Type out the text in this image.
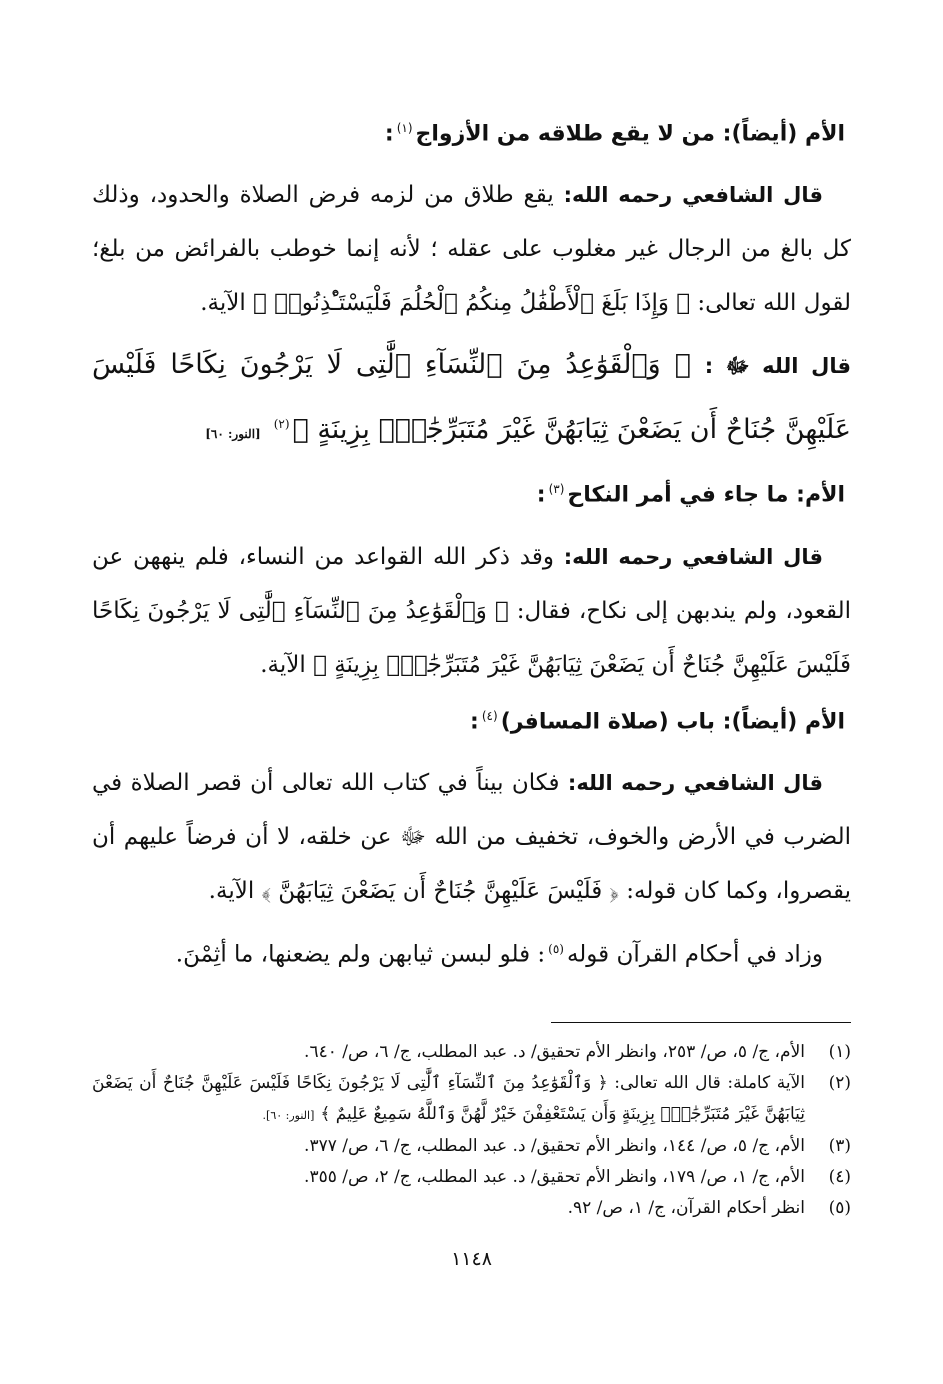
الأم (أيضاً): من لا يقع طلاقه من الأزواج$^{(١)}$:

قال الشافعي رحمه الله: يقع طلاق من لزمه فرض الصلاة والحدود، وذلك كل بالغ من الرجال غير مغلوب على عقله ؛ لأنه إنما خوطب بالفرائض من بلغ؛ لقول الله تعالى: ﴿ وَإِذَا بَلَغَ ٱلْأَطْفَٰلُ مِنكُمُ ٱلْحُلُمَ فَلْيَسْتَـْٔذِنُوا۟ ﴾ الآية.

قال الله ﷻ : ﴿ وَٱلْقَوَٰعِدُ مِنَ ٱلنِّسَآءِ ٱلَّٰتِى لَا يَرْجُونَ نِكَاحًا فَلَيْسَ عَلَيْهِنَّ جُنَاحٌ أَن يَضَعْنَ ثِيَابَهُنَّ غَيْرَ مُتَبَرِّجَٰتٍۭ بِزِينَةٍ ﴾$^{(٢)}$[النور: ٦٠]

الأم: ما جاء في أمر النكاح$^{(٣)}$:

قال الشافعي رحمه الله: وقد ذكر الله القواعد من النساء، فلم ينههن عن القعود، ولم يندبهن إلى نكاح، فقال: ﴿ وَٱلْقَوَٰعِدُ مِنَ ٱلنِّسَآءِ ٱلَّٰتِى لَا يَرْجُونَ نِكَاحًا فَلَيْسَ عَلَيْهِنَّ جُنَاحٌ أَن يَضَعْنَ ثِيَابَهُنَّ غَيْرَ مُتَبَرِّجَٰتٍۭ بِزِينَةٍ ﴾ الآية.

الأم (أيضاً): باب (صلاة المسافر)$^{(٤)}$:

قال الشافعي رحمه الله: فكان بيناً في كتاب الله تعالى أن قصر الصلاة في الضرب في الأرض والخوف، تخفيف من الله ﷻ عن خلقه، لا أن فرضاً عليهم أن يقصروا، وكما كان قوله: ﴿ فَلَيْسَ عَلَيْهِنَّ جُنَاحٌ أَن يَضَعْنَ ثِيَابَهُنَّ ﴾ الآية.

وزاد في أحكام القرآن قوله$^{(٥)}$: فلو لبسن ثيابهن ولم يضعنها، ما أثِمْنَ.

(١)
الأم، ج/ ٥، ص/ ٢٥٣، وانظر الأم تحقيق/ د. عبد المطلب، ج/ ٦، ص/ ٦٤٠.
(٢)
الآية كاملة: قال الله تعالى: ﴿ وَٱلْقَوَٰعِدُ مِنَ ٱلنِّسَآءِ ٱلَّٰتِى لَا يَرْجُونَ نِكَاحًا فَلَيْسَ عَلَيْهِنَّ جُنَاحٌ أَن يَضَعْنَ ثِيَابَهُنَّ غَيْرَ مُتَبَرِّجَٰتٍۭ بِزِينَةٍ وَأَن يَسْتَعْفِفْنَ خَيْرٌ لَّهُنَّ وَٱللَّهُ سَمِيعٌ عَلِيمٌ ﴾[النور: ٦٠].
(٣)
الأم، ج/ ٥، ص/ ١٤٤، وانظر الأم تحقيق/ د. عبد المطلب، ج/ ٦، ص/ ٣٧٧.
(٤)
الأم، ج/ ١، ص/ ١٧٩، وانظر الأم تحقيق/ د. عبد المطلب، ج/ ٢، ص/ ٣٥٥.
(٥)
انظر أحكام القرآن، ج/ ١، ص/ ٩٢.
١١٤٨
